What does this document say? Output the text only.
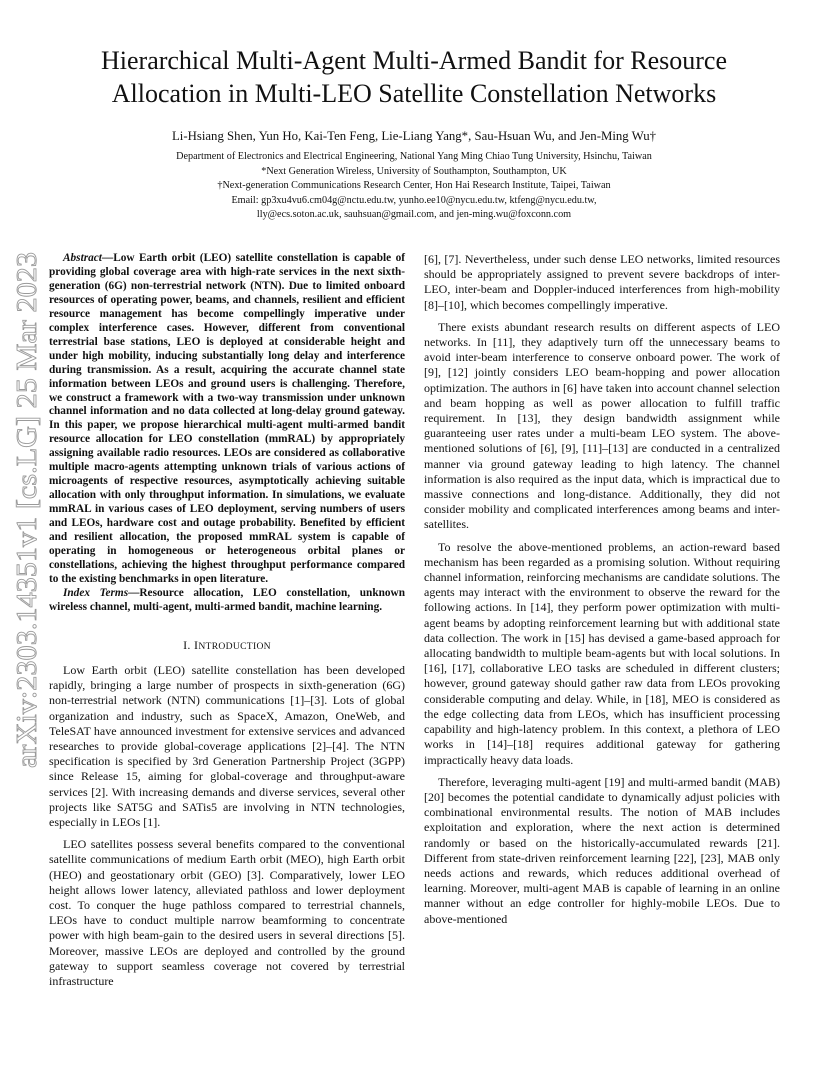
Hierarchical Multi-Agent Multi-Armed Bandit for Resource
Allocation in Multi-LEO Satellite Constellation Networks
Li-Hsiang Shen, Yun Ho, Kai-Ten Feng, Lie-Liang Yang*, Sau-Hsuan Wu, and Jen-Ming Wu†
Department of Electronics and Electrical Engineering, National Yang Ming Chiao Tung University, Hsinchu, Taiwan
*Next Generation Wireless, University of Southampton, Southampton, UK
†Next-generation Communications Research Center, Hon Hai Research Institute, Taipei, Taiwan
Email: gp3xu4vu6.cm04g@nctu.edu.tw, yunho.ee10@nycu.edu.tw, ktfeng@nycu.edu.tw,
lly@ecs.soton.ac.uk, sauhsuan@gmail.com, and jen-ming.wu@foxconn.com
arXiv:2303.14351v1 [cs.LG] 25 Mar 2023

Abstract—Low Earth orbit (LEO) satellite constellation is capable of providing global coverage area with high-rate services in the next sixth-generation (6G) non-terrestrial network (NTN). Due to limited onboard resources of operating power, beams, and channels, resilient and efficient resource management has become compellingly imperative under complex interference cases. However, different from conventional terrestrial base stations, LEO is deployed at considerable height and under high mobility, inducing substantially long delay and interference during transmission. As a result, acquiring the accurate channel state information between LEOs and ground users is challenging. Therefore, we construct a framework with a two-way transmission under unknown channel information and no data collected at long-delay ground gateway. In this paper, we propose hierarchical multi-agent multi-armed bandit resource allocation for LEO constellation (mmRAL) by appropriately assigning available radio resources. LEOs are considered as collaborative multiple macro-agents attempting unknown trials of various actions of microagents of respective resources, asymptotically achieving suitable allocation with only throughput information. In simulations, we evaluate mmRAL in various cases of LEO deployment, serving numbers of users and LEOs, hardware cost and outage probability. Benefited by efficient and resilient allocation, the proposed mmRAL system is capable of operating in homogeneous or heterogeneous orbital planes or constellations, achieving the highest throughput performance compared to the existing benchmarks in open literature.

Index Terms—Resource allocation, LEO constellation, unknown wireless channel, multi-agent, multi-armed bandit, machine learning.

I. INTRODUCTION

Low Earth orbit (LEO) satellite constellation has been developed rapidly, bringing a large number of prospects in sixth-generation (6G) non-terrestrial network (NTN) communications [1]–[3]. Lots of global organization and industry, such as SpaceX, Amazon, OneWeb, and TeleSAT have announced investment for extensive services and advanced researches to provide global-coverage applications [2]–[4]. The NTN specification is specified by 3rd Generation Partnership Project (3GPP) since Release 15, aiming for global-coverage and throughput-aware services [2]. With increasing demands and diverse services, several other projects like SAT5G and SATis5 are involving in NTN technologies, especially in LEOs [1].

LEO satellites possess several benefits compared to the conventional satellite communications of medium Earth orbit (MEO), high Earth orbit (HEO) and geostationary orbit (GEO) [3]. Comparatively, lower LEO height allows lower latency, alleviated pathloss and lower deployment cost. To conquer the huge pathloss compared to terrestrial channels, LEOs have to conduct multiple narrow beamforming to concentrate power with high beam-gain to the desired users in several directions [5]. Moreover, massive LEOs are deployed and controlled by the ground gateway to support seamless coverage not covered by terrestrial infrastructure

[6], [7]. Nevertheless, under such dense LEO networks, limited resources should be appropriately assigned to prevent severe backdrops of inter-LEO, inter-beam and Doppler-induced interferences from high-mobility [8]–[10], which becomes compellingly imperative.

There exists abundant research results on different aspects of LEO networks. In [11], they adaptively turn off the unnecessary beams to avoid inter-beam interference to conserve onboard power. The work of [9], [12] jointly considers LEO beam-hopping and power allocation optimization. The authors in [6] have taken into account channel selection and beam hopping as well as power allocation to fulfill traffic requirement. In [13], they design bandwidth assignment while guaranteeing user rates under a multi-beam LEO system. The above-mentioned solutions of [6], [9], [11]–[13] are conducted in a centralized manner via ground gateway leading to high latency. The channel information is also required as the input data, which is impractical due to massive connections and long-distance. Additionally, they did not consider mobility and complicated interferences among beams and inter-satellites.

To resolve the above-mentioned problems, an action-reward based mechanism has been regarded as a promising solution. Without requiring channel information, reinforcing mechanisms are candidate solutions. The agents may interact with the environment to observe the reward for the following actions. In [14], they perform power optimization with multi-agent beams by adopting reinforcement learning but with additional state data collection. The work in [15] has devised a game-based approach for allocating bandwidth to multiple beam-agents but with local solutions. In [16], [17], collaborative LEO tasks are scheduled in different clusters; however, ground gateway should gather raw data from LEOs provoking considerable computing and delay. While, in [18], MEO is considered as the edge collecting data from LEOs, which has insufficient processing capability and high-latency problem. In this context, a plethora of LEO works in [14]–[18] requires additional gateway for gathering impractically heavy data loads.

Therefore, leveraging multi-agent [19] and multi-armed bandit (MAB) [20] becomes the potential candidate to dynamically adjust policies with combinational environmental results. The notion of MAB includes exploitation and exploration, where the next action is determined randomly or based on the historically-accumulated rewards [21]. Different from state-driven reinforcement learning [22], [23], MAB only needs actions and rewards, which reduces additional overhead of learning. Moreover, multi-agent MAB is capable of learning in an online manner without an edge controller for highly-mobile LEOs. Due to above-mentioned
